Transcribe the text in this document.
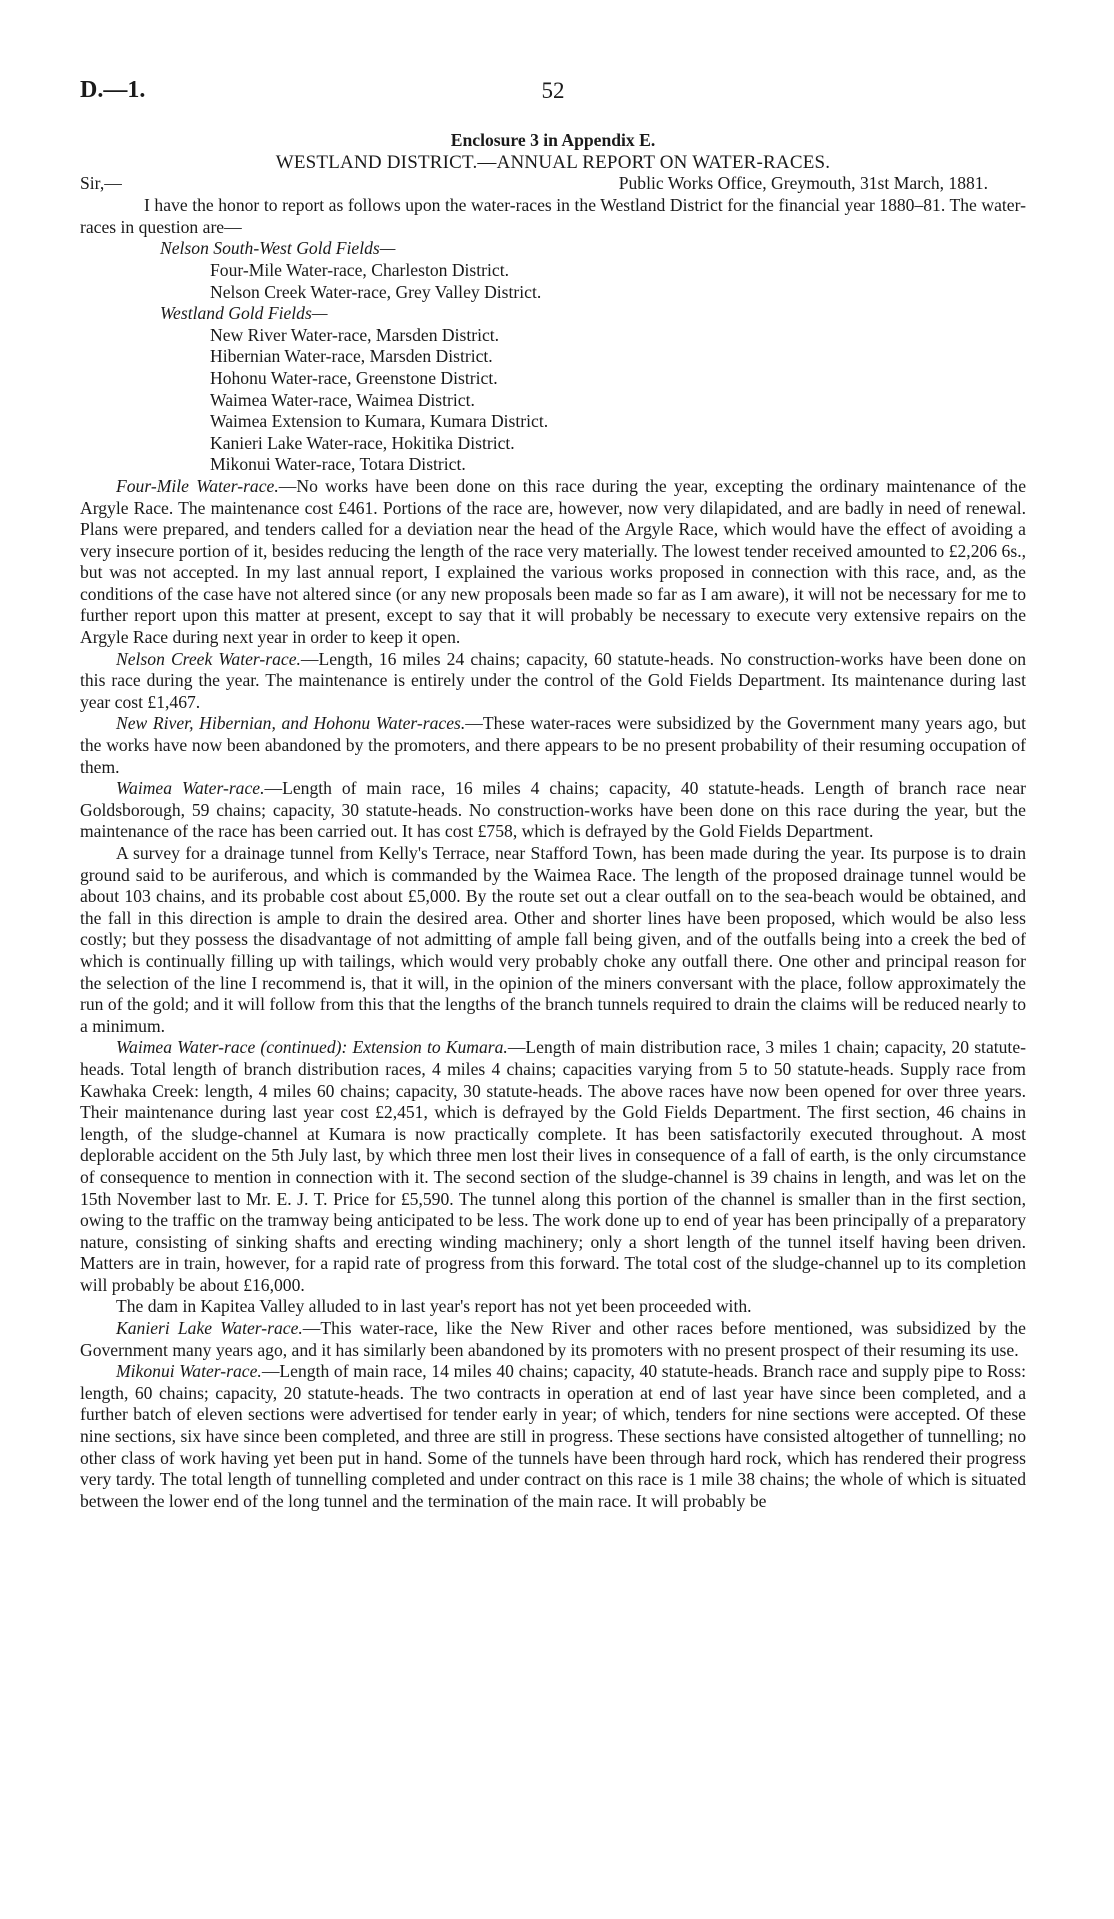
D.—1.	52
Enclosure 3 in Appendix E.
WESTLAND DISTRICT.—ANNUAL REPORT ON WATER-RACES.
Sir,—	Public Works Office, Greymouth, 31st March, 1881.

I have the honor to report as follows upon the water-races in the Westland District for the financial year 1880–81. The water-races in question are—

Nelson South-West Gold Fields—
Four-Mile Water-race, Charleston District.
Nelson Creek Water-race, Grey Valley District.
Westland Gold Fields—
New River Water-race, Marsden District.
Hibernian Water-race, Marsden District.
Hohonu Water-race, Greenstone District.
Waimea Water-race, Waimea District.
Waimea Extension to Kumara, Kumara District.
Kanieri Lake Water-race, Hokitika District.
Mikonui Water-race, Totara District.

Four-Mile Water-race.—No works have been done on this race during the year, excepting the ordinary maintenance of the Argyle Race. The maintenance cost £461. Portions of the race are, however, now very dilapidated, and are badly in need of renewal. Plans were prepared, and tenders called for a deviation near the head of the Argyle Race, which would have the effect of avoiding a very insecure portion of it, besides reducing the length of the race very materially. The lowest tender received amounted to £2,206 6s., but was not accepted. In my last annual report, I explained the various works proposed in connection with this race, and, as the conditions of the case have not altered since (or any new proposals been made so far as I am aware), it will not be necessary for me to further report upon this matter at present, except to say that it will probably be necessary to execute very extensive repairs on the Argyle Race during next year in order to keep it open.

Nelson Creek Water-race.—Length, 16 miles 24 chains; capacity, 60 statute-heads. No construction-works have been done on this race during the year. The maintenance is entirely under the control of the Gold Fields Department. Its maintenance during last year cost £1,467.

New River, Hibernian, and Hohonu Water-races.—These water-races were subsidized by the Government many years ago, but the works have now been abandoned by the promoters, and there appears to be no present probability of their resuming occupation of them.

Waimea Water-race.—Length of main race, 16 miles 4 chains; capacity, 40 statute-heads. Length of branch race near Goldsborough, 59 chains; capacity, 30 statute-heads. No construction-works have been done on this race during the year, but the maintenance of the race has been carried out. It has cost £758, which is defrayed by the Gold Fields Department.

A survey for a drainage tunnel from Kelly's Terrace, near Stafford Town, has been made during the year. Its purpose is to drain ground said to be auriferous, and which is commanded by the Waimea Race. The length of the proposed drainage tunnel would be about 103 chains, and its probable cost about £5,000. By the route set out a clear outfall on to the sea-beach would be obtained, and the fall in this direction is ample to drain the desired area. Other and shorter lines have been proposed, which would be also less costly; but they possess the disadvantage of not admitting of ample fall being given, and of the outfalls being into a creek the bed of which is continually filling up with tailings, which would very probably choke any outfall there. One other and principal reason for the selection of the line I recommend is, that it will, in the opinion of the miners conversant with the place, follow approximately the run of the gold; and it will follow from this that the lengths of the branch tunnels required to drain the claims will be reduced nearly to a minimum.

Waimea Water-race (continued): Extension to Kumara.—Length of main distribution race, 3 miles 1 chain; capacity, 20 statute-heads. Total length of branch distribution races, 4 miles 4 chains; capacities varying from 5 to 50 statute-heads. Supply race from Kawhaka Creek: length, 4 miles 60 chains; capacity, 30 statute-heads. The above races have now been opened for over three years. Their maintenance during last year cost £2,451, which is defrayed by the Gold Fields Department. The first section, 46 chains in length, of the sludge-channel at Kumara is now practically complete. It has been satisfactorily executed throughout. A most deplorable accident on the 5th July last, by which three men lost their lives in consequence of a fall of earth, is the only circumstance of consequence to mention in connection with it. The second section of the sludge-channel is 39 chains in length, and was let on the 15th November last to Mr. E. J. T. Price for £5,590. The tunnel along this portion of the channel is smaller than in the first section, owing to the traffic on the tramway being anticipated to be less. The work done up to end of year has been principally of a preparatory nature, consisting of sinking shafts and erecting winding machinery; only a short length of the tunnel itself having been driven. Matters are in train, however, for a rapid rate of progress from this forward. The total cost of the sludge-channel up to its completion will probably be about £16,000.

The dam in Kapitea Valley alluded to in last year's report has not yet been proceeded with.

Kanieri Lake Water-race.—This water-race, like the New River and other races before mentioned, was subsidized by the Government many years ago, and it has similarly been abandoned by its promoters with no present prospect of their resuming its use.

Mikonui Water-race.—Length of main race, 14 miles 40 chains; capacity, 40 statute-heads. Branch race and supply pipe to Ross: length, 60 chains; capacity, 20 statute-heads. The two contracts in operation at end of last year have since been completed, and a further batch of eleven sections were advertised for tender early in year; of which, tenders for nine sections were accepted. Of these nine sections, six have since been completed, and three are still in progress. These sections have consisted altogether of tunnelling; no other class of work having yet been put in hand. Some of the tunnels have been through hard rock, which has rendered their progress very tardy. The total length of tunnelling completed and under contract on this race is 1 mile 38 chains; the whole of which is situated between the lower end of the long tunnel and the termination of the main race. It will probably be
